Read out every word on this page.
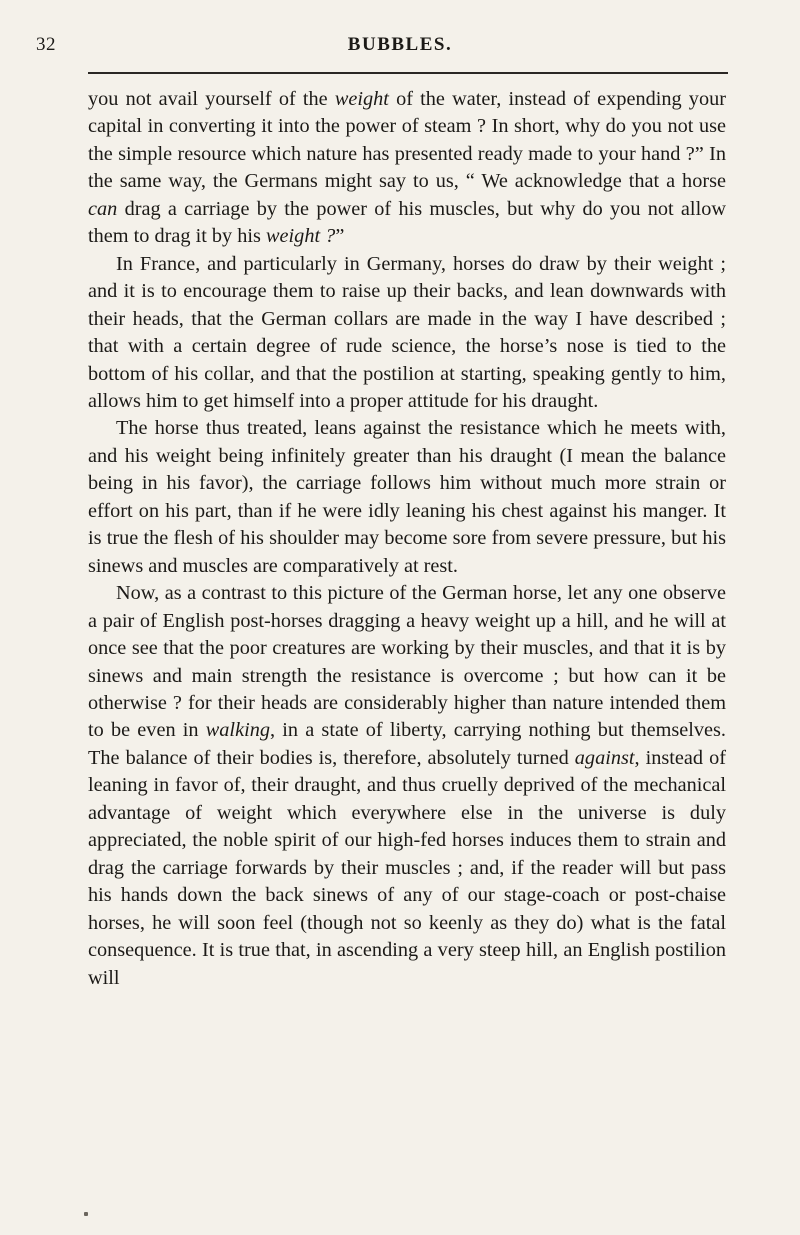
32	BUBBLES.

you not avail yourself of the weight of the water, instead of expending your capital in converting it into the power of steam ? In short, why do you not use the simple resource which nature has presented ready made to your hand ?” In the same way, the Germans might say to us, “ We acknowledge that a horse can drag a carriage by the power of his muscles, but why do you not allow them to drag it by his weight ?”

In France, and particularly in Germany, horses do draw by their weight ; and it is to encourage them to raise up their backs, and lean downwards with their heads, that the German collars are made in the way I have described ; that with a certain degree of rude science, the horse’s nose is tied to the bottom of his collar, and that the postilion at starting, speaking gently to him, allows him to get himself into a proper attitude for his draught.

The horse thus treated, leans against the resistance which he meets with, and his weight being infinitely greater than his draught (I mean the balance being in his favor), the carriage follows him without much more strain or effort on his part, than if he were idly leaning his chest against his manger. It is true the flesh of his shoulder may become sore from severe pressure, but his sinews and muscles are comparatively at rest.

Now, as a contrast to this picture of the German horse, let any one observe a pair of English post-horses dragging a heavy weight up a hill, and he will at once see that the poor creatures are working by their muscles, and that it is by sinews and main strength the resistance is overcome ; but how can it be otherwise ? for their heads are considerably higher than nature intended them to be even in walking, in a state of liberty, carrying nothing but themselves. The balance of their bodies is, therefore, absolutely turned against, instead of leaning in favor of, their draught, and thus cruelly deprived of the mechanical advantage of weight which everywhere else in the universe is duly appreciated, the noble spirit of our high-fed horses induces them to strain and drag the carriage forwards by their muscles ; and, if the reader will but pass his hands down the back sinews of any of our stage-coach or post-chaise horses, he will soon feel (though not so keenly as they do) what is the fatal consequence. It is true that, in ascending a very steep hill, an English postilion will
